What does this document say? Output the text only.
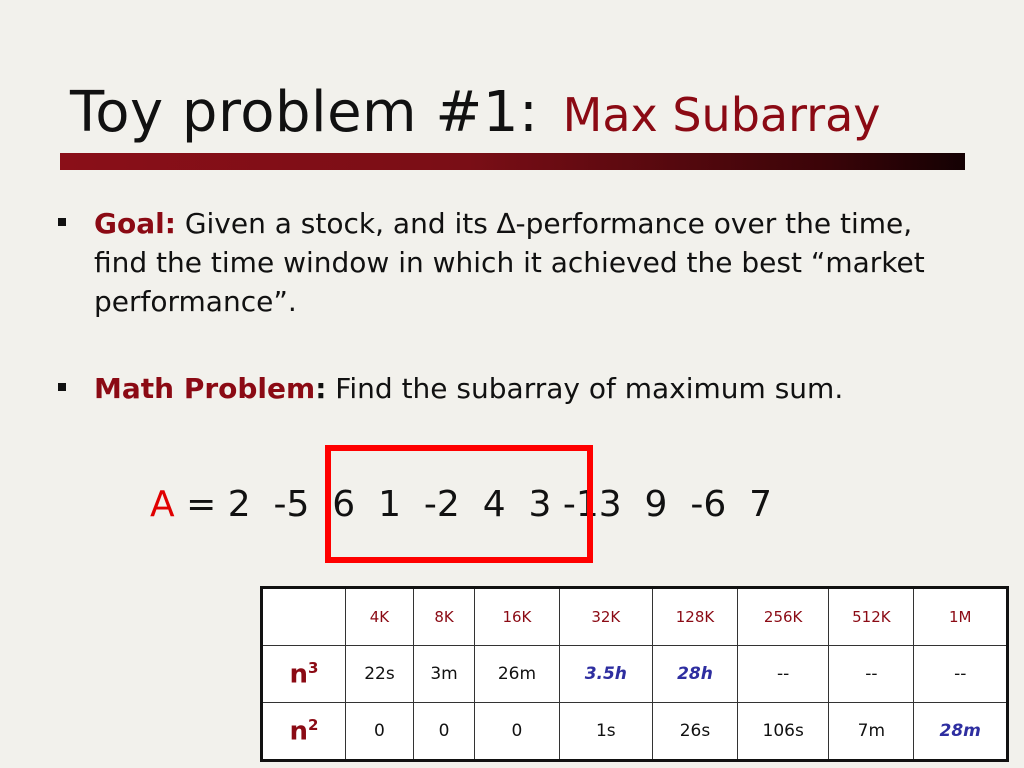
Toy problem #1: Max Subarray
Goal: Given a stock, and its ∆-performance over the time, find the time window in which it achieved the best “market performance”.
Math Problem: Find the subarray of maximum sum.
A = 2 -5 6 1 -2 4 3 -13 9 -6 7
	4K	8K	16K	32K	128K	256K	512K	1M
$n^3$	22s	3m	26m	3.5h	28h	--	--	--
$n^2$	0	0	0	1s	26s	106s	7m	28m
